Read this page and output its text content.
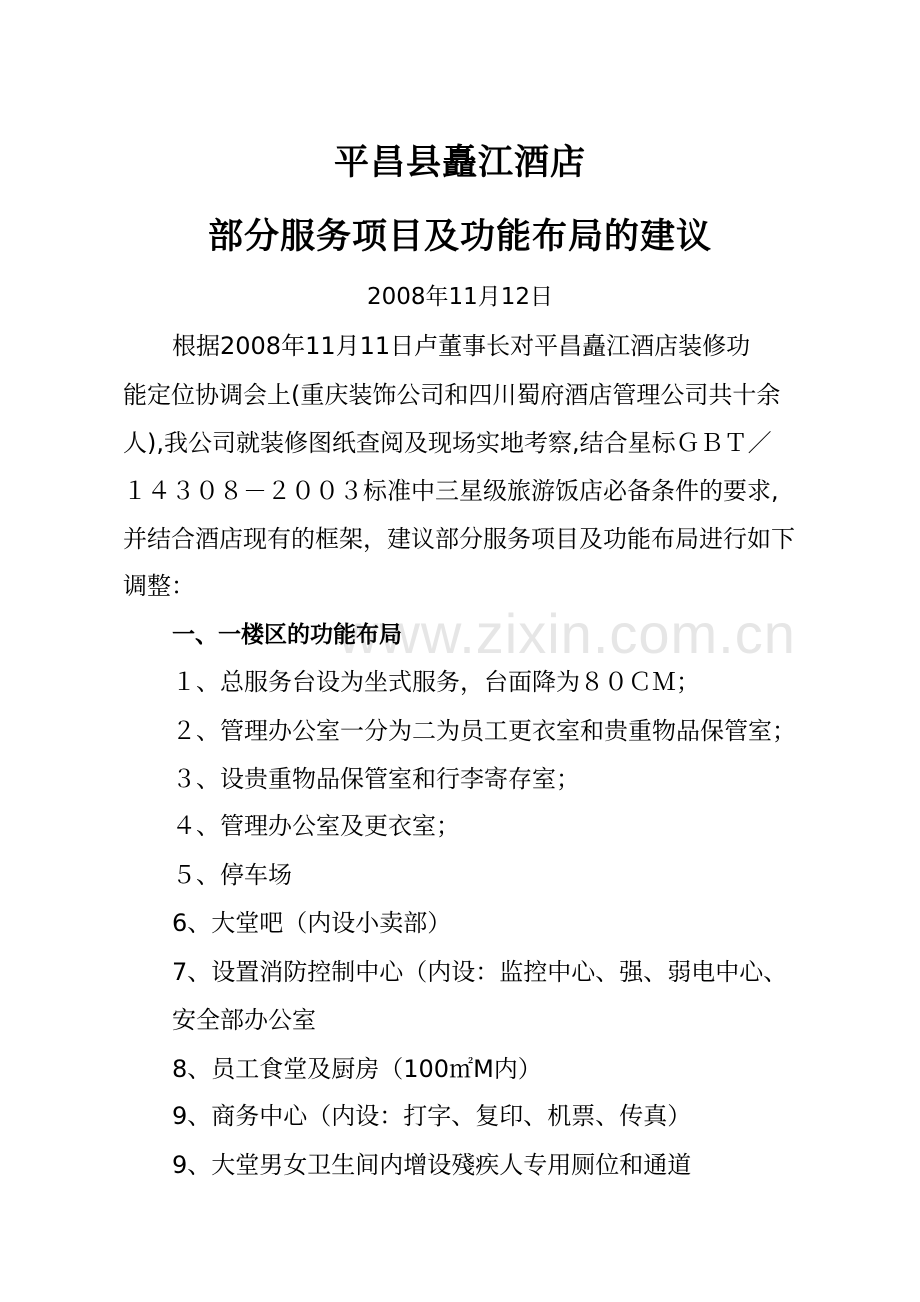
www.zixin.com.cn
平昌县矗江酒店
部分服务项目及功能布局的建议
2008年11月12日
根据2008年11月11日卢董事长对平昌矗江酒店装修功
能定位协调会上(重庆装饰公司和四川蜀府酒店管理公司共十余
人),我公司就装修图纸查阅及现场实地考察,结合星标ＧＢＴ／
１４３０８－２００３标准中三星级旅游饭店必备条件的要求,
并结合酒店现有的框架，建议部分服务项目及功能布局进行如下
调整：
一、一楼区的功能布局
１、总服务台设为坐式服务，台面降为８０ＣＭ；
２、管理办公室一分为二为员工更衣室和贵重物品保管室；
３、设贵重物品保管室和行李寄存室；
４、管理办公室及更衣室；
５、停车场
6、大堂吧（内设小卖部）
7、设置消防控制中心（内设：监控中心、强、弱电中心、
安全部办公室
8、员工食堂及厨房（100㎡M内）
9、商务中心（内设：打字、复印、机票、传真）
9、大堂男女卫生间内增设殘疾人专用厕位和通道
